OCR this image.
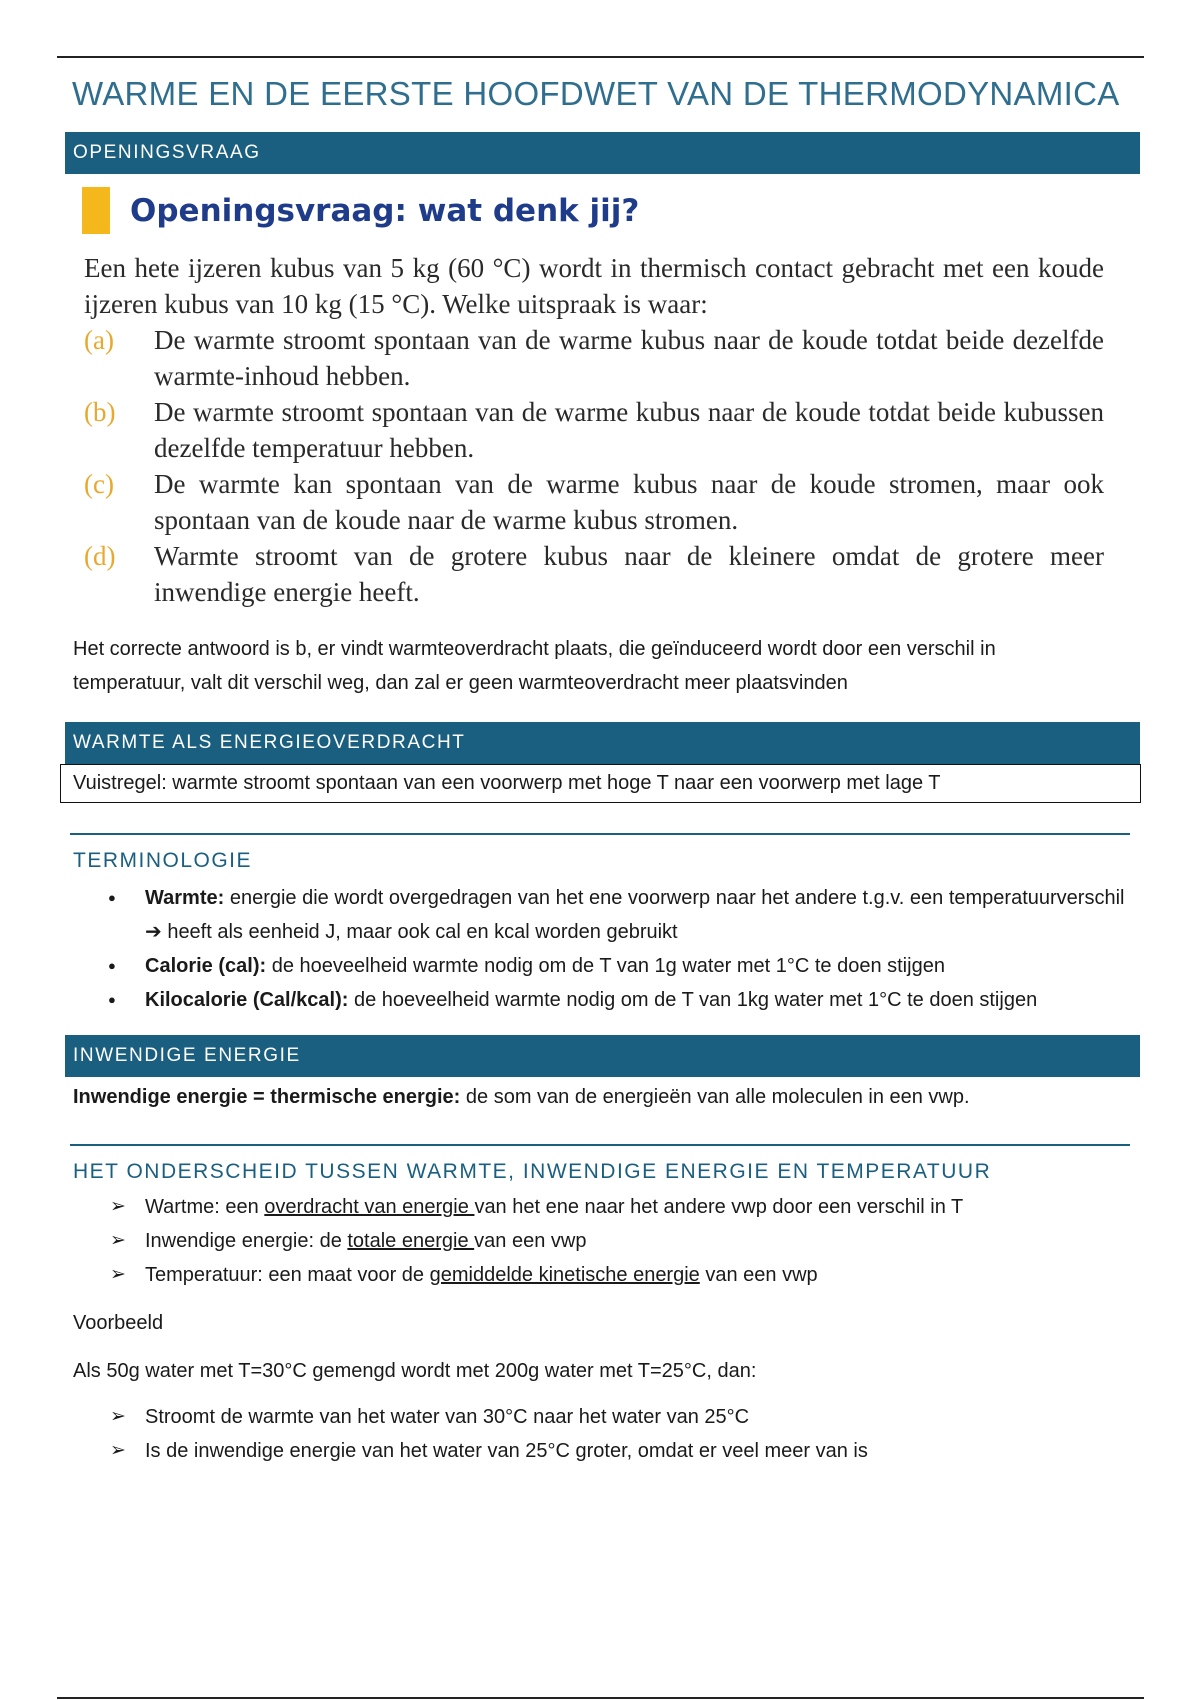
WARME EN DE EERSTE HOOFDWET VAN DE THERMODYNAMICA
OPENINGSVRAAG
Openingsvraag: wat denk jij?
Een hete ijzeren kubus van 5 kg (60 °C) wordt in thermisch contact gebracht met een koude ijzeren kubus van 10 kg (15 °C). Welke uitspraak is waar:
(a)	De warmte stroomt spontaan van de warme kubus naar de koude totdat beide dezelfde warmte-inhoud hebben.
(b)	De warmte stroomt spontaan van de warme kubus naar de koude totdat beide kubussen dezelfde temperatuur hebben.
(c)	De warmte kan spontaan van de warme kubus naar de koude stromen, maar ook spontaan van de koude naar de warme kubus stromen.
(d)	Warmte stroomt van de grotere kubus naar de kleinere omdat de grotere meer inwendige energie heeft.
Het correcte antwoord is b, er vindt warmteoverdracht plaats, die geïnduceerd wordt door een verschil in temperatuur, valt dit verschil weg, dan zal er geen warmteoverdracht meer plaatsvinden
WARMTE ALS ENERGIEOVERDRACHT
Vuistregel: warmte stroomt spontaan van een voorwerp met hoge T naar een voorwerp met lage T
TERMINOLOGIE
● Warmte: energie die wordt overgedragen van het ene voorwerp naar het andere t.g.v. een temperatuurverschil
➔ heeft als eenheid J, maar ook cal en kcal worden gebruikt
● Calorie (cal): de hoeveelheid warmte nodig om de T van 1g water met 1°C te doen stijgen
● Kilocalorie (Cal/kcal): de hoeveelheid warmte nodig om de T van 1kg water met 1°C te doen stijgen
INWENDIGE ENERGIE
Inwendige energie = thermische energie: de som van de energieën van alle moleculen in een vwp.
HET ONDERSCHEID TUSSEN WARMTE, INWENDIGE ENERGIE EN TEMPERATUUR
➢ Wartme: een overdracht van energie van het ene naar het andere vwp door een verschil in T
➢ Inwendige energie: de totale energie van een vwp
➢ Temperatuur: een maat voor de gemiddelde kinetische energie van een vwp
Voorbeeld
Als 50g water met T=30°C gemengd wordt met 200g water met T=25°C, dan:
➢ Stroomt de warmte van het water van 30°C naar het water van 25°C
➢ Is de inwendige energie van het water van 25°C groter, omdat er veel meer van is
